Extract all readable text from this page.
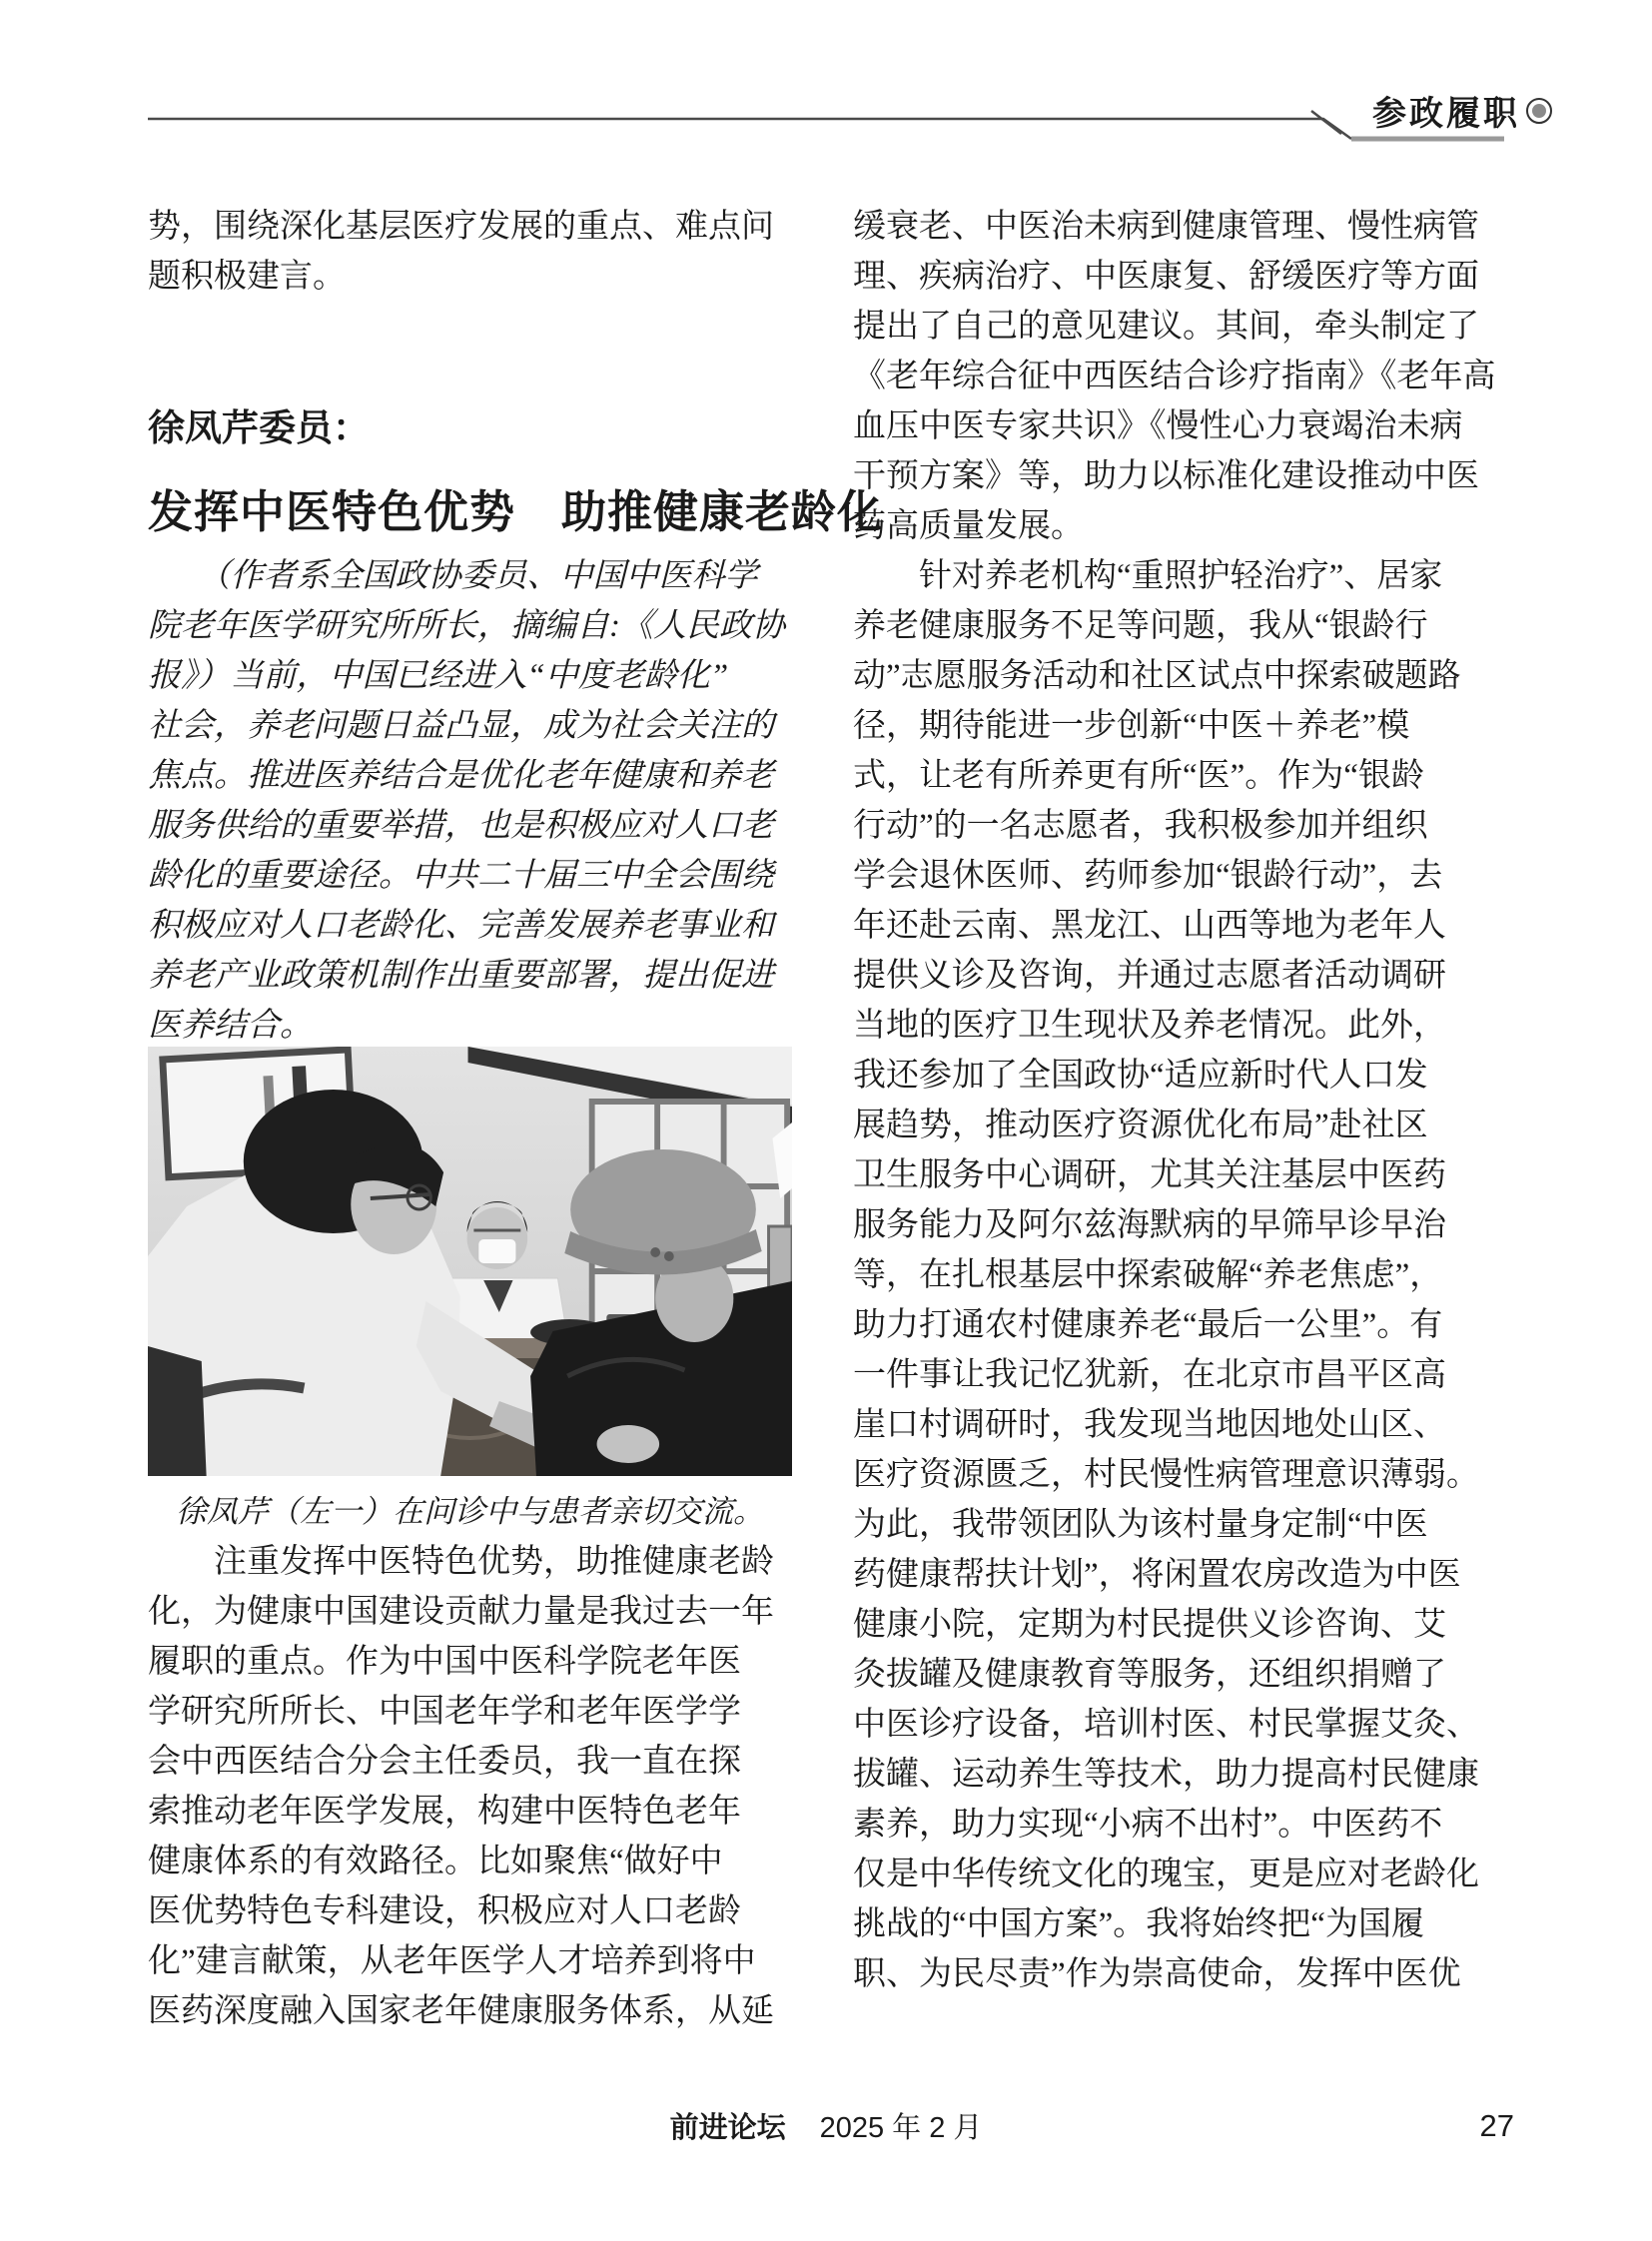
参政履职
势，围绕深化基层医疗发展的重点、难点问
题积极建言。
徐凤芹委员：
发挥中医特色优势　助推健康老龄化
　　（作者系全国政协委员、中国中医科学
院老年医学研究所所长，摘编自:《人民政协
报》）当前，中国已经进入“中度老龄化”
社会，养老问题日益凸显，成为社会关注的
焦点。推进医养结合是优化老年健康和养老
服务供给的重要举措，也是积极应对人口老
龄化的重要途径。中共二十届三中全会围绕
积极应对人口老龄化、完善发展养老事业和
养老产业政策机制作出重要部署，提出促进
医养结合。
徐凤芹（左一）在问诊中与患者亲切交流。
　　注重发挥中医特色优势，助推健康老龄
化，为健康中国建设贡献力量是我过去一年
履职的重点。作为中国中医科学院老年医
学研究所所长、中国老年学和老年医学学
会中西医结合分会主任委员，我一直在探
索推动老年医学发展，构建中医特色老年
健康体系的有效路径。比如聚焦“做好中
医优势特色专科建设，积极应对人口老龄
化”建言献策，从老年医学人才培养到将中
医药深度融入国家老年健康服务体系，从延
缓衰老、中医治未病到健康管理、慢性病管
理、疾病治疗、中医康复、舒缓医疗等方面
提出了自己的意见建议。其间，牵头制定了
《老年综合征中西医结合诊疗指南》《老年高
血压中医专家共识》《慢性心力衰竭治未病
干预方案》等，助力以标准化建设推动中医
药高质量发展。
　　针对养老机构“重照护轻治疗”、居家
养老健康服务不足等问题，我从“银龄行
动”志愿服务活动和社区试点中探索破题路
径，期待能进一步创新“中医＋养老”模
式，让老有所养更有所“医”。作为“银龄
行动”的一名志愿者，我积极参加并组织
学会退休医师、药师参加“银龄行动”，去
年还赴云南、黑龙江、山西等地为老年人
提供义诊及咨询，并通过志愿者活动调研
当地的医疗卫生现状及养老情况。此外，
我还参加了全国政协“适应新时代人口发
展趋势，推动医疗资源优化布局”赴社区
卫生服务中心调研，尤其关注基层中医药
服务能力及阿尔兹海默病的早筛早诊早治
等，在扎根基层中探索破解“养老焦虑”，
助力打通农村健康养老“最后一公里”。有
一件事让我记忆犹新，在北京市昌平区高
崖口村调研时，我发现当地因地处山区、
医疗资源匮乏，村民慢性病管理意识薄弱。
为此，我带领团队为该村量身定制“中医
药健康帮扶计划”，将闲置农房改造为中医
健康小院，定期为村民提供义诊咨询、艾
灸拔罐及健康教育等服务，还组织捐赠了
中医诊疗设备，培训村医、村民掌握艾灸、
拔罐、运动养生等技术，助力提高村民健康
素养，助力实现“小病不出村”。中医药不
仅是中华传统文化的瑰宝，更是应对老龄化
挑战的“中国方案”。我将始终把“为国履
职、为民尽责”作为崇高使命，发挥中医优
前进论坛 2025 年 2 月	27
